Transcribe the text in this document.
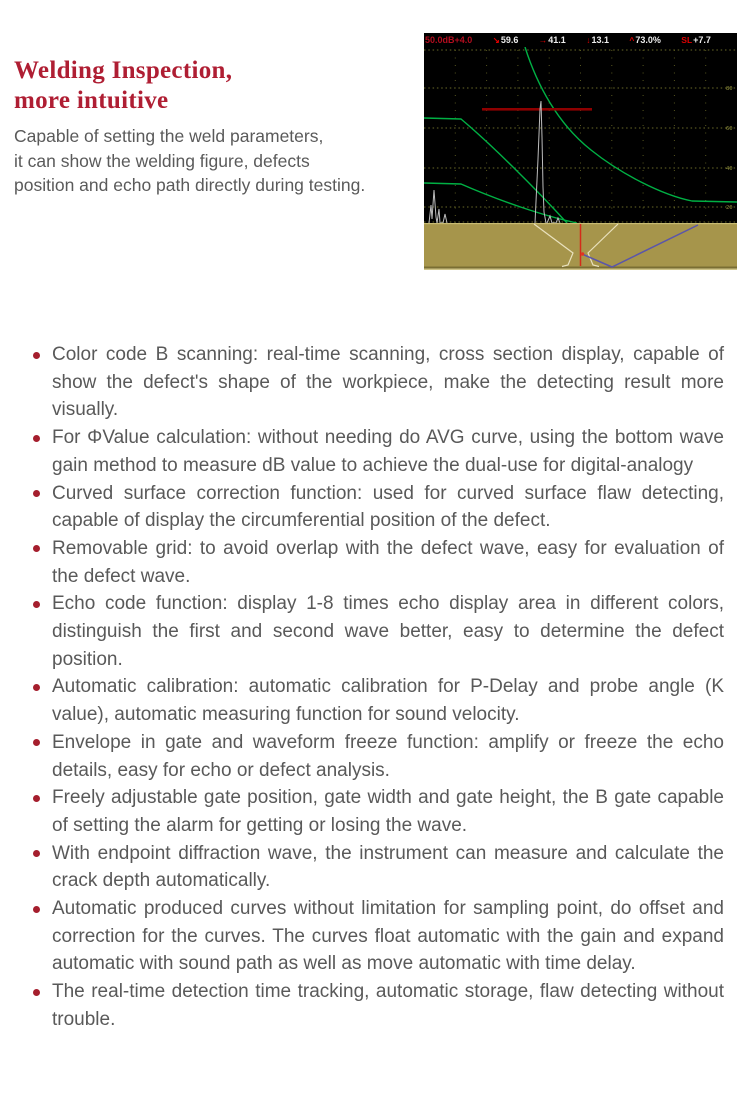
Welding Inspection,
more intuitive
Capable of setting the weld parameters,
it can show the welding figure, defects
position and echo path directly during testing.
50.0dB+4.0 ↘ 59.6 → 41.1 ↓ 13.1 ^ 73.0% SL +7.7
80
60
40
20
Color code B scanning: real-time scanning, cross section display, capable of show the defect's shape of the workpiece, make the detecting result more visually.
For ΦValue calculation: without needing do AVG curve, using the bottom wave gain method to measure dB value to achieve the dual-use for digital-analogy
Curved surface correction function: used for curved surface flaw detecting, capable of display the circumferential position of the defect.
Removable grid: to avoid overlap with the defect wave, easy for evaluation of the defect wave.
Echo code function: display 1-8 times echo display area in different colors, distinguish the first and second wave better, easy to determine the defect position.
Automatic calibration: automatic calibration for P-Delay and probe angle (K value), automatic measuring function for sound velocity.
Envelope in gate and waveform freeze function: amplify or freeze the echo details, easy for echo or defect analysis.
Freely adjustable gate position, gate width and gate height, the B gate capable of setting the alarm for getting or losing the wave.
With endpoint diffraction wave, the instrument can measure and calculate the crack depth automatically.
Automatic produced curves without limitation for sampling point, do offset and correction for the curves. The curves float automatic with the gain and expand automatic with sound path as well as move automatic with time delay.
The real-time detection time tracking, automatic storage, flaw detecting without trouble.
